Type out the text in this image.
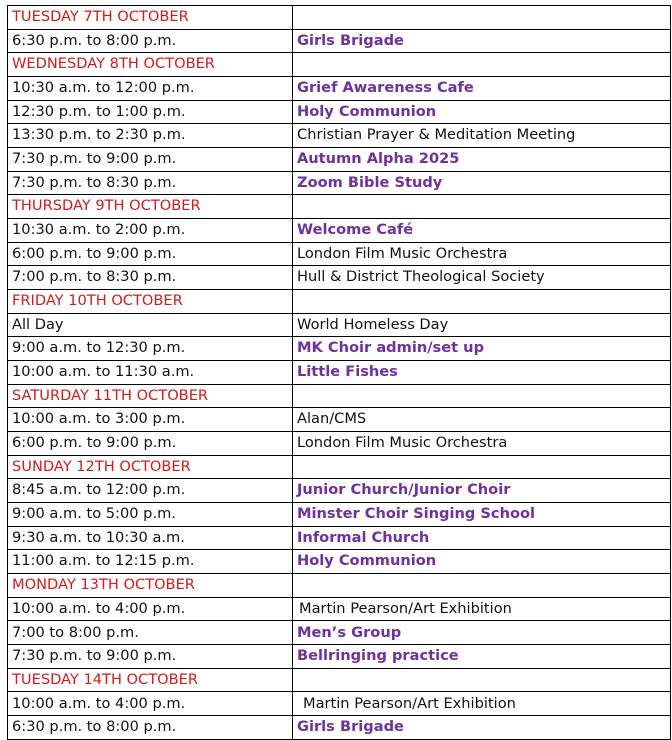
TUESDAY 7TH OCTOBER	
6:30 p.m. to 8:00 p.m.	Girls Brigade
WEDNESDAY 8TH OCTOBER	
10:30 a.m. to 12:00 p.m.	Grief Awareness Cafe
12:30 p.m. to 1:00 p.m.	Holy Communion
13:30 p.m. to 2:30 p.m.	Christian Prayer & Meditation Meeting
7:30 p.m. to 9:00 p.m.	Autumn Alpha 2025
7:30 p.m. to 8:30 p.m.	Zoom Bible Study
THURSDAY 9TH OCTOBER	
10:30 a.m. to 2:00 p.m.	Welcome Café
6:00 p.m. to 9:00 p.m.	London Film Music Orchestra
7:00 p.m. to 8:30 p.m.	Hull & District Theological Society
FRIDAY 10TH OCTOBER	
All Day	World Homeless Day
9:00 a.m. to 12:30 p.m.	MK Choir admin/set up
10:00 a.m. to 11:30 a.m.	Little Fishes
SATURDAY 11TH OCTOBER	
10:00 a.m. to 3:00 p.m.	Alan/CMS
6:00 p.m. to 9:00 p.m.	London Film Music Orchestra
SUNDAY 12TH OCTOBER	
8:45 a.m. to 12:00 p.m.	Junior Church/Junior Choir
9:00 a.m. to 5:00 p.m.	Minster Choir Singing School
9:30 a.m. to 10:30 a.m.	Informal Church
11:00 a.m. to 12:15 p.m.	Holy Communion
MONDAY 13TH OCTOBER	
10:00 a.m. to 4:00 p.m.	Martin Pearson/Art Exhibition
7:00 to 8:00 p.m.	Men’s Group
7:30 p.m. to 9:00 p.m.	Bellringing practice
TUESDAY 14TH OCTOBER	
10:00 a.m. to 4:00 p.m.	Martin Pearson/Art Exhibition
6:30 p.m. to 8:00 p.m.	Girls Brigade
